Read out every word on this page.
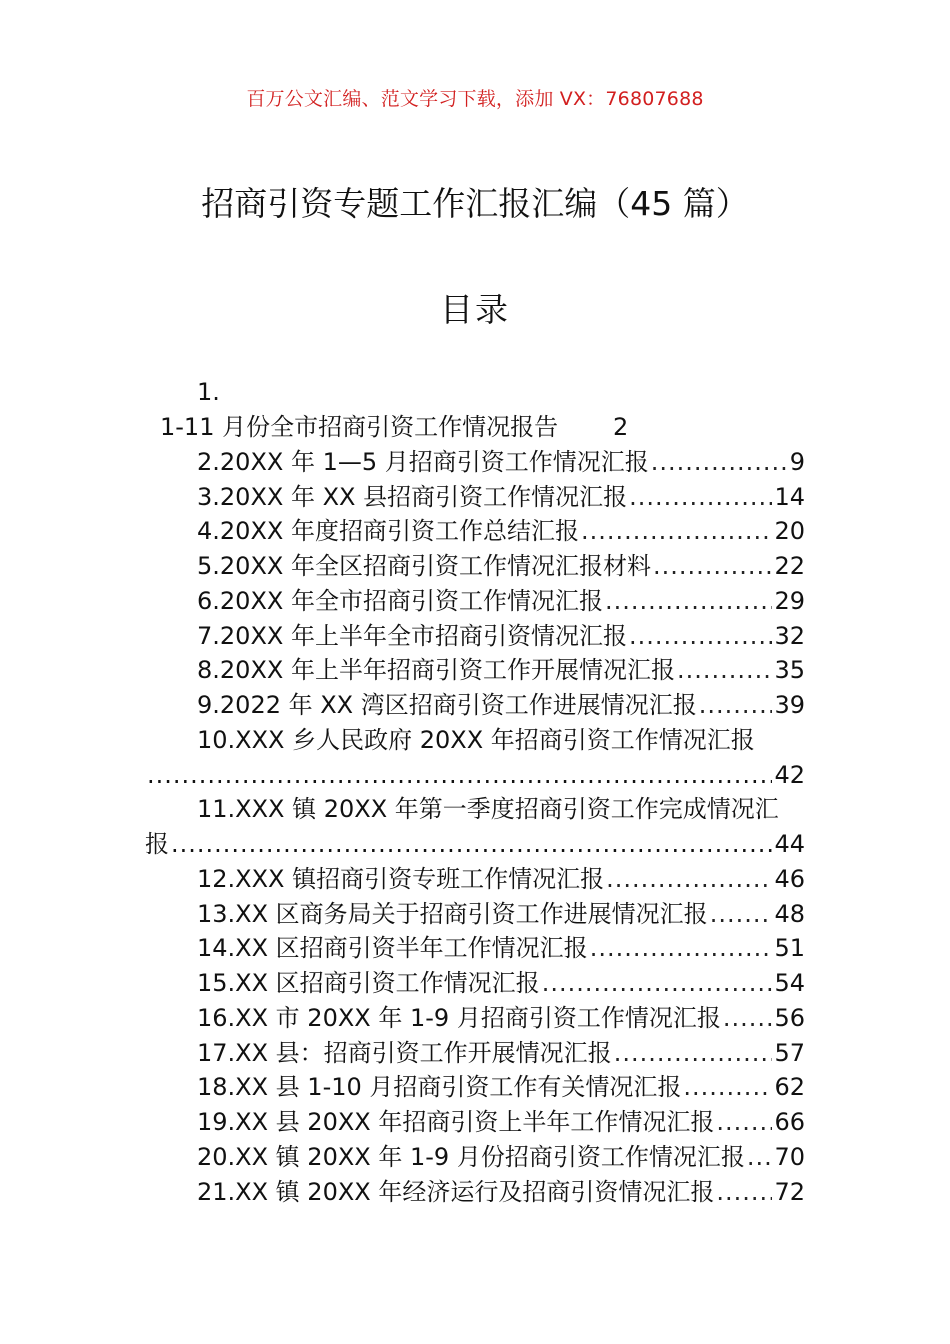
百万公文汇编、范文学习下载，添加 VX：76807688
招商引资专题工作汇报汇编（45 篇）
目录
1.
1-11 月份全市招商引资工作情况报告 2
2.20XX 年 1—5 月招商引资工作情况汇报 .....	9
3.20XX 年 XX 县招商引资工作情况汇报 .....	14
4.20XX 年度招商引资工作总结汇报 .....	20
5.20XX 年全区招商引资工作情况汇报材料 .....	22
6.20XX 年全市招商引资工作情况汇报 .....	29
7.20XX 年上半年全市招商引资情况汇报 .....	32
8.20XX 年上半年招商引资工作开展情况汇报 .....	35
9.2022 年 XX 湾区招商引资工作进展情况汇报 .....	39
10.XXX 乡人民政府 20XX 年招商引资工作情况汇报
.....
42
11.XXX 镇 20XX 年第一季度招商引资工作完成情况汇
报 .....	44
12.XXX 镇招商引资专班工作情况汇报 .....	46
13.XX 区商务局关于招商引资工作进展情况汇报 .....	48
14.XX 区招商引资半年工作情况汇报 .....	51
15.XX 区招商引资工作情况汇报 .....	54
16.XX 市 20XX 年 1-9 月招商引资工作情况汇报 ..... 56
17.XX 县：招商引资工作开展情况汇报 .....	57
18.XX 县 1-10 月招商引资工作有关情况汇报 .....	62
19.XX 县 20XX 年招商引资上半年工作情况汇报 .....	66
20.XX 镇 20XX 年 1-9 月份招商引资工作情况汇报 ..... 70
21.XX 镇 20XX 年经济运行及招商引资情况汇报 .....	72
